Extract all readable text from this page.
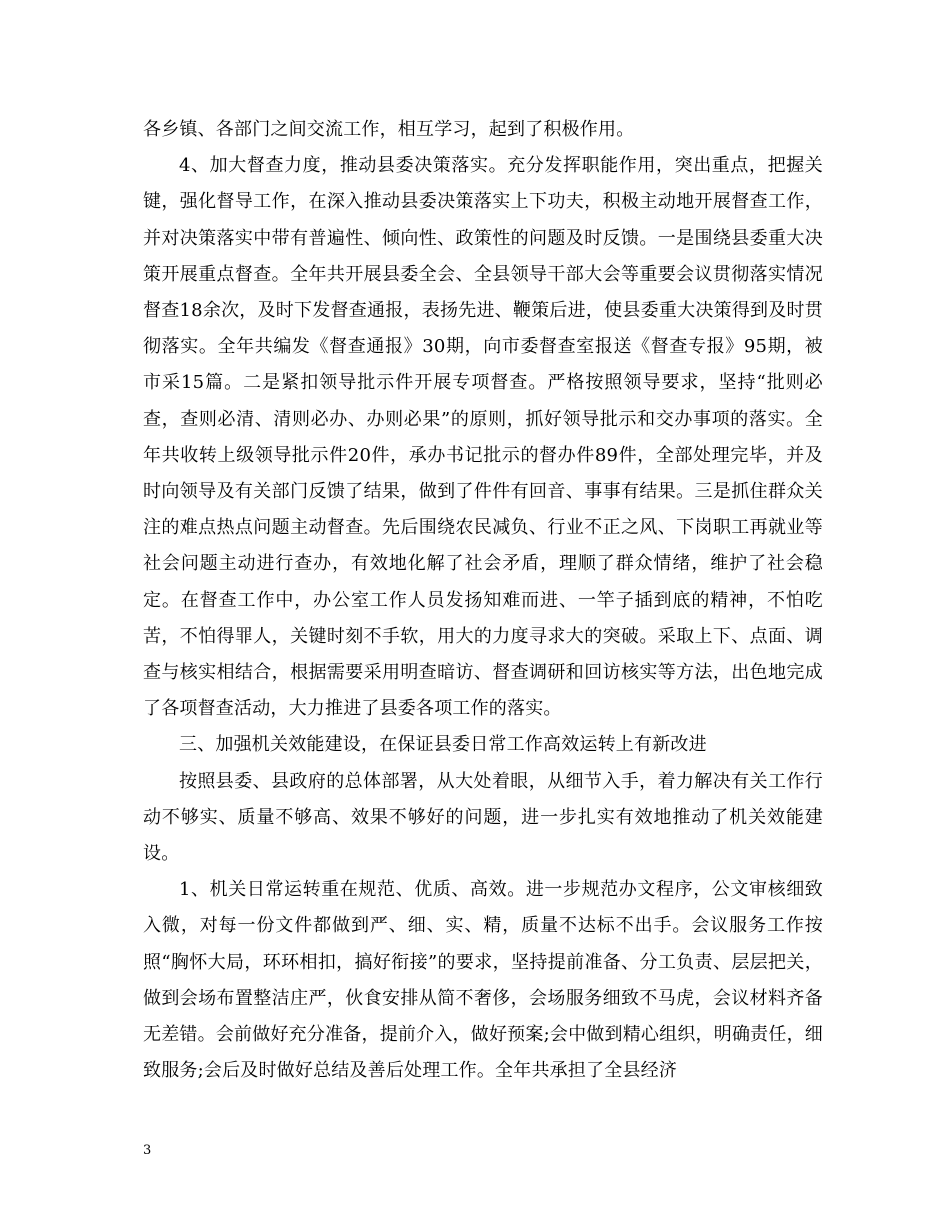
各乡镇、各部门之间交流工作，相互学习，起到了积极作用。

4、加大督查力度，推动县委决策落实。充分发挥职能作用，突出重点，把握关键，强化督导工作，在深入推动县委决策落实上下功夫，积极主动地开展督查工作，并对决策落实中带有普遍性、倾向性、政策性的问题及时反馈。一是围绕县委重大决策开展重点督查。全年共开展县委全会、全县领导干部大会等重要会议贯彻落实情况督查18余次，及时下发督查通报，表扬先进、鞭策后进，使县委重大决策得到及时贯彻落实。全年共编发《督查通报》30期，向市委督查室报送《督查专报》95期，被市采15篇。二是紧扣领导批示件开展专项督查。严格按照领导要求，坚持“批则必查，查则必清、清则必办、办则必果”的原则，抓好领导批示和交办事项的落实。全年共收转上级领导批示件20件，承办书记批示的督办件89件，全部处理完毕，并及时向领导及有关部门反馈了结果，做到了件件有回音、事事有结果。三是抓住群众关注的难点热点问题主动督查。先后围绕农民减负、行业不正之风、下岗职工再就业等社会问题主动进行查办，有效地化解了社会矛盾，理顺了群众情绪，维护了社会稳定。在督查工作中，办公室工作人员发扬知难而进、一竿子插到底的精神，不怕吃苦，不怕得罪人，关键时刻不手软，用大的力度寻求大的突破。采取上下、点面、调查与核实相结合，根据需要采用明查暗访、督查调研和回访核实等方法，出色地完成了各项督查活动，大力推进了县委各项工作的落实。

三、加强机关效能建设，在保证县委日常工作高效运转上有新改进

按照县委、县政府的总体部署，从大处着眼，从细节入手，着力解决有关工作行动不够实、质量不够高、效果不够好的问题，进一步扎实有效地推动了机关效能建设。

1、机关日常运转重在规范、优质、高效。进一步规范办文程序，公文审核细致入微，对每一份文件都做到严、细、实、精，质量不达标不出手。会议服务工作按照“胸怀大局，环环相扣，搞好衔接”的要求，坚持提前准备、分工负责、层层把关，做到会场布置整洁庄严，伙食安排从简不奢侈，会场服务细致不马虎，会议材料齐备无差错。会前做好充分准备，提前介入，做好预案;会中做到精心组织，明确责任，细致服务;会后及时做好总结及善后处理工作。全年共承担了全县经济

3
